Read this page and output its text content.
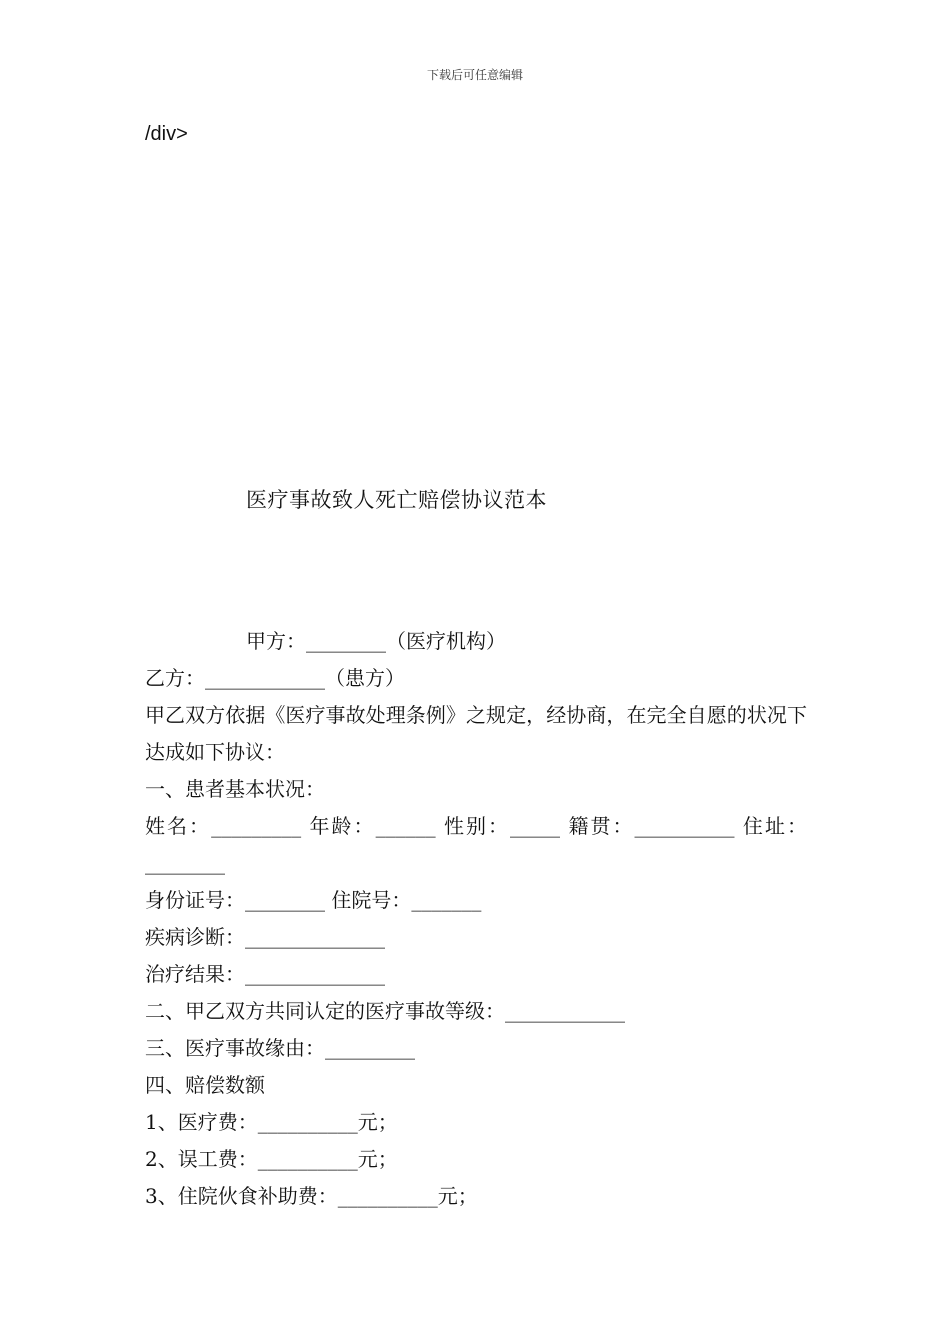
下载后可任意编辑
/div>
医疗事故致人死亡赔偿协议范本
甲方：________（医疗机构）
乙方：____________（患方）
甲乙双方依据《医疗事故处理条例》之规定，经协商，在完全自愿的状况下达成如下协议：
一、患者基本状况：
姓名：_________ 年龄：______ 性别：_____ 籍贯：__________ 住址：________
身份证号：________ 住院号：_______
疾病诊断：______________
治疗结果：______________
二、甲乙双方共同认定的医疗事故等级：____________
三、医疗事故缘由：_________
四、赔偿数额
1、医疗费：__________元；
2、误工费：__________元；
3、住院伙食补助费：__________元；
